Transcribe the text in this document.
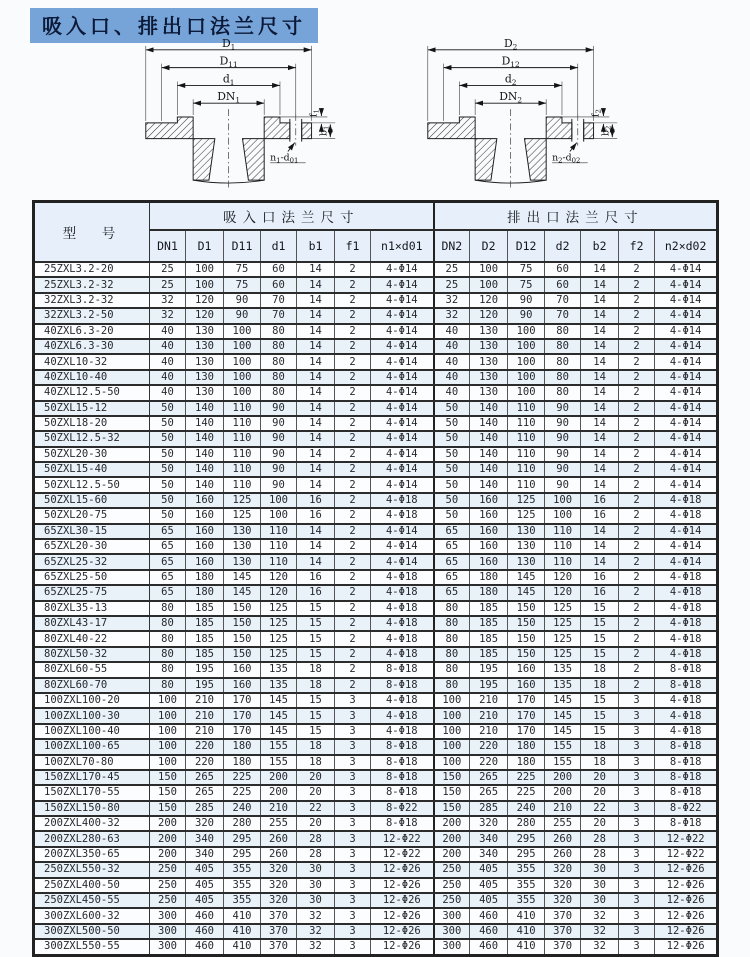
吸入口、排出口法兰尺寸
$D_1$
$D_{11}$
$d_1$
$DN_1$
$f_1$
$b_1$
$n_1-d_{01}$
$D_2$
$D_{12}$
$d_2$
$DN_2$
$f_2$
$b_2$
$n_2-d_{02}$
型　号	吸入口法兰尺寸							排出口法兰尺寸						
	DN1	D1	D11	d1	b1	f1	n1×d01	DN2	D2	D12	d2	b2	f2	n2×d02
25ZXL3.2-20	25	100	75	60	14	2	4-Φ14	25	100	75	60	14	2	4-Φ14
25ZXL3.2-32	25	100	75	60	14	2	4-Φ14	25	100	75	60	14	2	4-Φ14
32ZXL3.2-32	32	120	90	70	14	2	4-Φ14	32	120	90	70	14	2	4-Φ14
32ZXL3.2-50	32	120	90	70	14	2	4-Φ14	32	120	90	70	14	2	4-Φ14
40ZXL6.3-20	40	130	100	80	14	2	4-Φ14	40	130	100	80	14	2	4-Φ14
40ZXL6.3-30	40	130	100	80	14	2	4-Φ14	40	130	100	80	14	2	4-Φ14
40ZXL10-32	40	130	100	80	14	2	4-Φ14	40	130	100	80	14	2	4-Φ14
40ZXL10-40	40	130	100	80	14	2	4-Φ14	40	130	100	80	14	2	4-Φ14
40ZXL12.5-50	40	130	100	80	14	2	4-Φ14	40	130	100	80	14	2	4-Φ14
50ZXL15-12	50	140	110	90	14	2	4-Φ14	50	140	110	90	14	2	4-Φ14
50ZXL18-20	50	140	110	90	14	2	4-Φ14	50	140	110	90	14	2	4-Φ14
50ZXL12.5-32	50	140	110	90	14	2	4-Φ14	50	140	110	90	14	2	4-Φ14
50ZXL20-30	50	140	110	90	14	2	4-Φ14	50	140	110	90	14	2	4-Φ14
50ZXL15-40	50	140	110	90	14	2	4-Φ14	50	140	110	90	14	2	4-Φ14
50ZXL12.5-50	50	140	110	90	14	2	4-Φ14	50	140	110	90	14	2	4-Φ14
50ZXL15-60	50	160	125	100	16	2	4-Φ18	50	160	125	100	16	2	4-Φ18
50ZXL20-75	50	160	125	100	16	2	4-Φ18	50	160	125	100	16	2	4-Φ18
65ZXL30-15	65	160	130	110	14	2	4-Φ14	65	160	130	110	14	2	4-Φ14
65ZXL20-30	65	160	130	110	14	2	4-Φ14	65	160	130	110	14	2	4-Φ14
65ZXL25-32	65	160	130	110	14	2	4-Φ14	65	160	130	110	14	2	4-Φ14
65ZXL25-50	65	180	145	120	16	2	4-Φ18	65	180	145	120	16	2	4-Φ18
65ZXL25-75	65	180	145	120	16	2	4-Φ18	65	180	145	120	16	2	4-Φ18
80ZXL35-13	80	185	150	125	15	2	4-Φ18	80	185	150	125	15	2	4-Φ18
80ZXL43-17	80	185	150	125	15	2	4-Φ18	80	185	150	125	15	2	4-Φ18
80ZXL40-22	80	185	150	125	15	2	4-Φ18	80	185	150	125	15	2	4-Φ18
80ZXL50-32	80	185	150	125	15	2	4-Φ18	80	185	150	125	15	2	4-Φ18
80ZXL60-55	80	195	160	135	18	2	8-Φ18	80	195	160	135	18	2	8-Φ18
80ZXL60-70	80	195	160	135	18	2	8-Φ18	80	195	160	135	18	2	8-Φ18
100ZXL100-20	100	210	170	145	15	3	4-Φ18	100	210	170	145	15	3	4-Φ18
100ZXL100-30	100	210	170	145	15	3	4-Φ18	100	210	170	145	15	3	4-Φ18
100ZXL100-40	100	210	170	145	15	3	4-Φ18	100	210	170	145	15	3	4-Φ18
100ZXL100-65	100	220	180	155	18	3	8-Φ18	100	220	180	155	18	3	8-Φ18
100ZXL70-80	100	220	180	155	18	3	8-Φ18	100	220	180	155	18	3	8-Φ18
150ZXL170-45	150	265	225	200	20	3	8-Φ18	150	265	225	200	20	3	8-Φ18
150ZXL170-55	150	265	225	200	20	3	8-Φ18	150	265	225	200	20	3	8-Φ18
150ZXL150-80	150	285	240	210	22	3	8-Φ22	150	285	240	210	22	3	8-Φ22
200ZXL400-32	200	320	280	255	20	3	8-Φ18	200	320	280	255	20	3	8-Φ18
200ZXL280-63	200	340	295	260	28	3	12-Φ22	200	340	295	260	28	3	12-Φ22
200ZXL350-65	200	340	295	260	28	3	12-Φ22	200	340	295	260	28	3	12-Φ22
250ZXL550-32	250	405	355	320	30	3	12-Φ26	250	405	355	320	30	3	12-Φ26
250ZXL400-50	250	405	355	320	30	3	12-Φ26	250	405	355	320	30	3	12-Φ26
250ZXL450-55	250	405	355	320	30	3	12-Φ26	250	405	355	320	30	3	12-Φ26
300ZXL600-32	300	460	410	370	32	3	12-Φ26	300	460	410	370	32	3	12-Φ26
300ZXL500-50	300	460	410	370	32	3	12-Φ26	300	460	410	370	32	3	12-Φ26
300ZXL550-55	300	460	410	370	32	3	12-Φ26	300	460	410	370	32	3	12-Φ26
